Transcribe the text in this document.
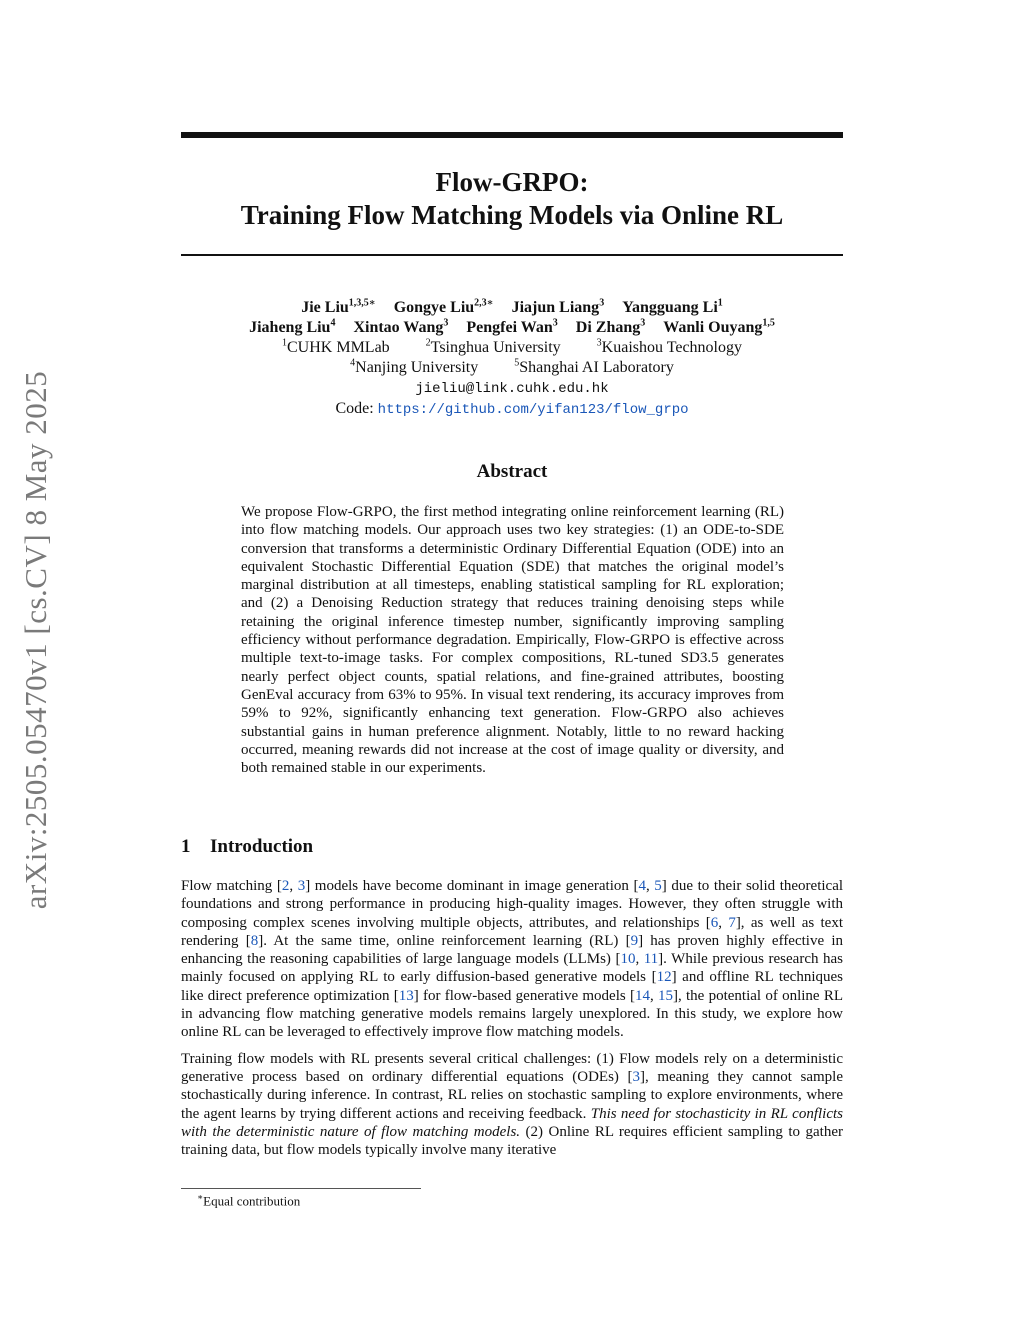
arXiv:2505.05470v1 [cs.CV] 8 May 2025
Flow-GRPO:
Training Flow Matching Models via Online RL
Jie Liu$^{1,3,5∗}$ Gongye Liu$^{2,3∗}$ Jiajun Liang$^3$ Yangguang Li$^1$
Jiaheng Liu$^4$ Xintao Wang$^3$ Pengfei Wan$^3$ Di Zhang$^3$ Wanli Ouyang$^{1,5}$
$^1$CUHK MMLab	$^2$Tsinghua University	$^3$Kuaishou Technology
$^4$Nanjing University	$^5$Shanghai AI Laboratory
jieliu@link.cuhk.edu.hk
Code: https://github.com/yifan123/flow_grpo
Abstract

We propose Flow-GRPO, the first method integrating online reinforcement learning (RL) into flow matching models. Our approach uses two key strategies: (1) an ODE-to-SDE conversion that transforms a deterministic Ordinary Differential Equation (ODE) into an equivalent Stochastic Differential Equation (SDE) that matches the original model’s marginal distribution at all timesteps, enabling statistical sampling for RL exploration; and (2) a Denoising Reduction strategy that reduces training denoising steps while retaining the original inference timestep number, significantly improving sampling efficiency without performance degradation. Empirically, Flow-GRPO is effective across multiple text-to-image tasks. For complex compositions, RL-tuned SD3.5 generates nearly perfect object counts, spatial relations, and fine-grained attributes, boosting GenEval accuracy from 63% to 95%. In visual text rendering, its accuracy improves from 59% to 92%, significantly enhancing text generation. Flow-GRPO also achieves substantial gains in human preference alignment. Notably, little to no reward hacking occurred, meaning rewards did not increase at the cost of image quality or diversity, and both remained stable in our experiments.

1 Introduction

Flow matching [2, 3] models have become dominant in image generation [4, 5] due to their solid theoretical foundations and strong performance in producing high-quality images. However, they often struggle with composing complex scenes involving multiple objects, attributes, and relationships [6, 7], as well as text rendering [8]. At the same time, online reinforcement learning (RL) [9] has proven highly effective in enhancing the reasoning capabilities of large language models (LLMs) [10, 11]. While previous research has mainly focused on applying RL to early diffusion-based generative models [12] and offline RL techniques like direct preference optimization [13] for flow-based generative models [14, 15], the potential of online RL in advancing flow matching generative models remains largely unexplored. In this study, we explore how online RL can be leveraged to effectively improve flow matching models.

Training flow models with RL presents several critical challenges: (1) Flow models rely on a deterministic generative process based on ordinary differential equations (ODEs) [3], meaning they cannot sample stochastically during inference. In contrast, RL relies on stochastic sampling to explore environments, where the agent learns by trying different actions and receiving feedback. This need for stochasticity in RL conflicts with the deterministic nature of flow matching models. (2) Online RL requires efficient sampling to gather training data, but flow models typically involve many iterative

∗Equal contribution
